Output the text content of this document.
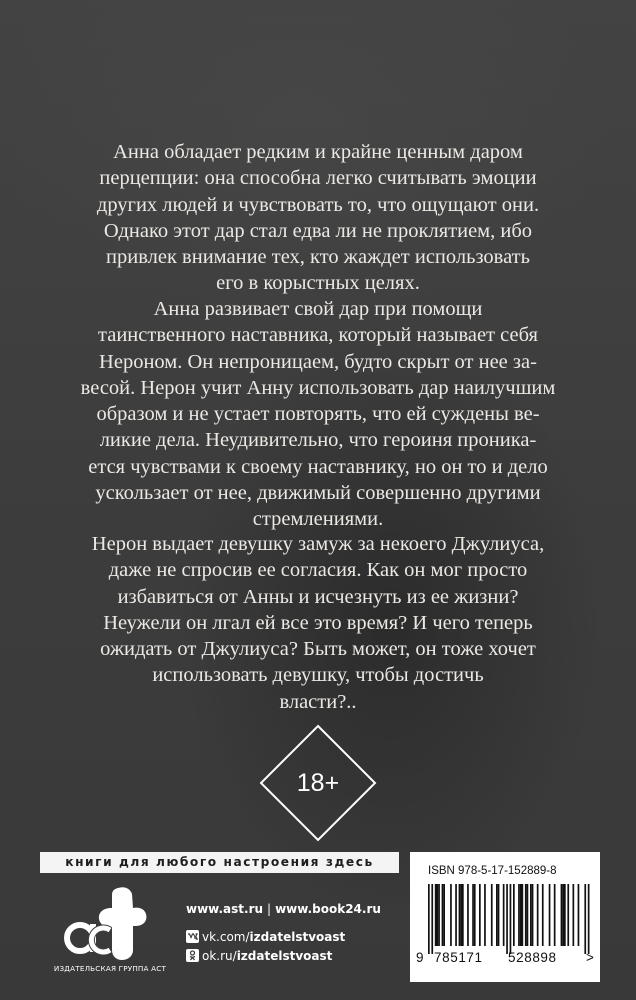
Анна обладает редким и крайне ценным даром
перцепции: она способна легко считывать эмоции
других людей и чувствовать то, что ощущают они.
Однако этот дар стал едва ли не проклятием, ибо
привлек внимание тех, кто жаждет использовать
его в корыстных целях.
Анна развивает свой дар при помощи
таинственного наставника, который называет себя
Нероном. Он непроницаем, будто скрыт от нее за-
весой. Нерон учит Анну использовать дар наилучшим
образом и не устает повторять, что ей суждены ве-
ликие дела. Неудивительно, что героиня проника-
ется чувствами к своему наставнику, но он то и дело
ускользает от нее, движимый совершенно другими
стремлениями.
Нерон выдает девушку замуж за некоего Джулиуса,
даже не спросив ее согласия. Как он мог просто
избавиться от Анны и исчезнуть из ее жизни?
Неужели он лгал ей все это время? И чего теперь
ожидать от Джулиуса? Быть может, он тоже хочет
использовать девушку, чтобы достичь
власти?..
18+
книги для любого настроения здесь
ИЗДАТЕЛЬСКАЯ ГРУППА АСТ
www.ast.ru | www.book24.ru
vk.com/izdatelstvoast
ok.ru/izdatelstvoast
ISBN 978-5-17-152889-8
9 785171 528898 >
